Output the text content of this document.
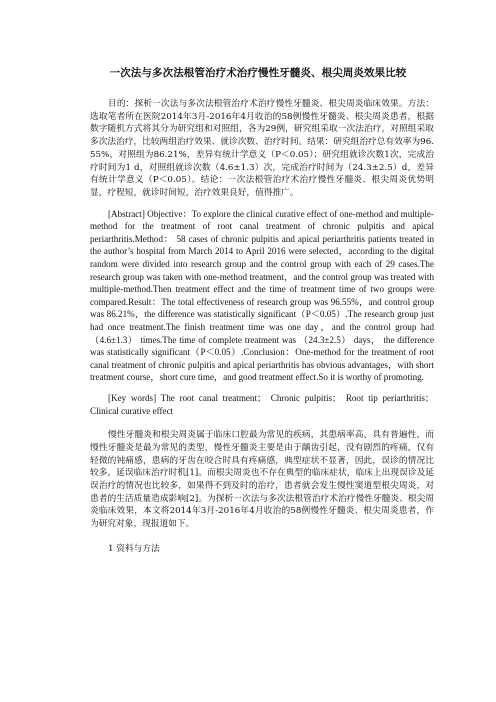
一次法与多次法根管治疗术治疗慢性牙髓炎、根尖周炎效果比较

目的：探析一次法与多次法根管治疗术治疗慢性牙髓炎、根尖周炎临床效果。方法：选取笔者所在医院2014年3月-2016年4月收治的58例慢性牙髓炎、根尖周炎患者，根据数字随机方式将其分为研究组和对照组，各为29例，研究组采取一次法治疗，对照组采取多次法治疗，比较两组治疗效果、就诊次数、治疗时间。结果：研究组治疗总有效率为96.55%，对照组为86.21%，差异有统计学意义（P＜0.05）；研究组就诊次数1次，完成治疗时间为1 d，对照组就诊次数（4.6±1.3）次，完成治疗时间为（24.3±2.5）d，差异有统计学意义（P＜0.05）。结论：一次法根管治疗术治疗慢性牙髓炎、根尖周炎优势明显，疗程短，就诊时间短，治疗效果良好，值得推广。

[Abstract] Objective：To explore the clinical curative effect of one-method and multiple-method for the treatment of root canal treatment of chronic pulpitis and apical periarthritis.Method： 58 cases of chronic pulpitis and apical periarthritis patients treated in the author’s hospital from March 2014 to April 2016 were selected，according to the digital random were divided into research group and the control group with each of 29 cases.The research group was taken with one-method treatment，and the control group was treated with multiple-method.Then treatment effect and the time of treatment time of two groups were compared.Result：The total effectiveness of research group was 96.55%，and control group was 86.21%，the difference was statistically significant（P＜0.05）.The research group just had once treatment.The finish treatment time was one day，and the control group had（4.6±1.3） times.The time of complete treatment was （24.3±2.5） days， the difference was statistically significant（P＜0.05）.Conclusion：One-method for the treatment of root canal treatment of chronic pulpitis and apical periarthritis has obvious advantages，with short treatment course，short cure time，and good treatment effect.So it is worthy of promoting.

[Key words] The root canal treatment； Chronic pulpitis； Root tip periarthritis； Clinical curative effect

慢性牙髓炎和根尖周炎属于临床口腔最为常见的疾病，其患病率高，具有普遍性，而慢性牙髓炎是最为常见的类型，慢性牙髓炎主要是由于龋齿引起，没有剧烈的疼痛，仅有轻微的钝痛感，患病的牙齿在咬合时具有疼痛感，典型症状不显著，因此，误诊的情况比较多，延误临床治疗时机[1]。而根尖周炎也不存在典型的临床症状，临床上出现误诊及延误治疗的情况也比较多，如果得不到及时的治疗，患者就会发生慢性窦道型根尖周炎，对患者的生活质量造成影响[2]。为探析一次法与多次法根管治疗术治疗慢性牙髓炎、根尖周炎临床效果，本文将2014年3月-2016年4月收治的58例慢性牙髓炎、根尖周炎患者，作为研究对象，现报道如下。

1 资料与方法
